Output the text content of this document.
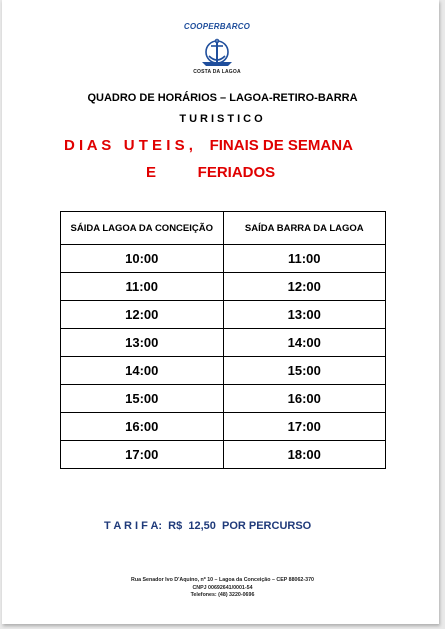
COOPERBARCO
COSTA DA LAGOA
QUADRO DE HORÁRIOS – LAGOA-RETIRO-BARRA
TURISTICO
D I A S   U T E I S ,    FINAIS DE SEMANA
E          FERIADOS
SÁIDA LAGOA DA CONCEIÇÃO	SAÍDA BARRA DA LAGOA
10:00	11:00
11:00	12:00
12:00	13:00
13:00	14:00
14:00	15:00
15:00	16:00
16:00	17:00
17:00	18:00
T A R I F A: R$  12,50  POR PERCURSO
Rua Senador Ivo D'Aquino, nº 10 – Lagoa da Conceição – CEP 88062-370
CNPJ 00692641/0001-54
Telefones: (48) 3220-0696
